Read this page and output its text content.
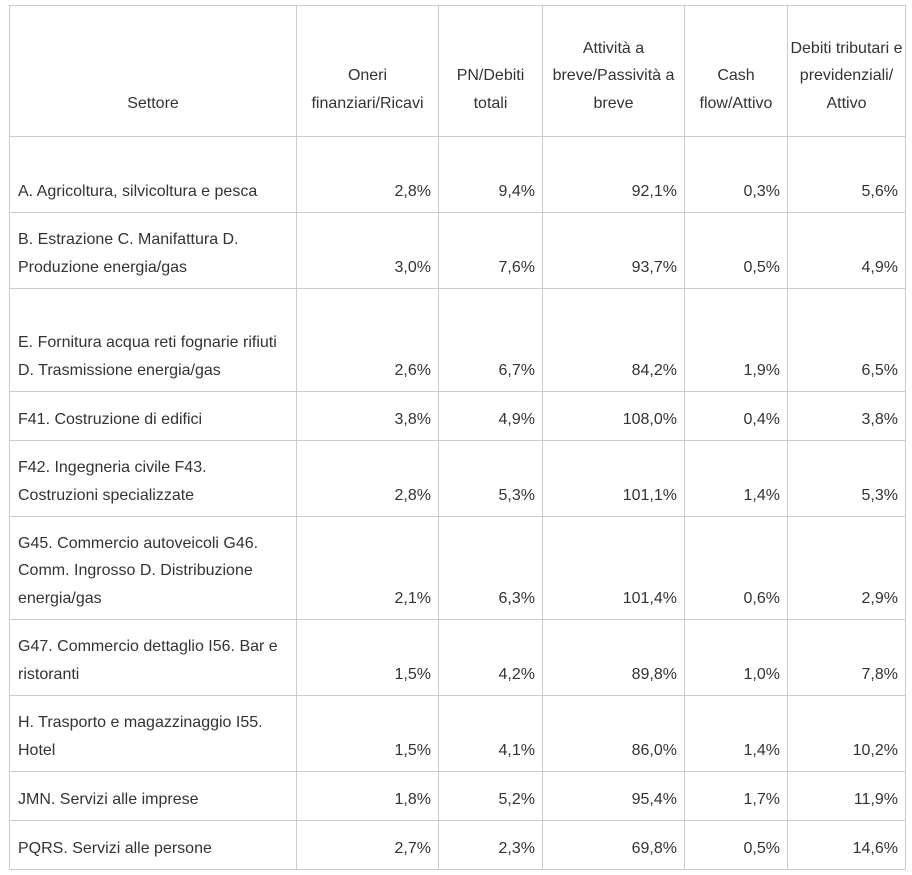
Settore	Oneri finanziari/Ricavi	PN/Debiti totali	Attività a breve/Passività a breve	Cash flow/Attivo	Debiti tributari e previdenziali/ Attivo
A. Agricoltura, silvicoltura e pesca	2,8%	9,4%	92,1%	0,3%	5,6%
B. Estrazione C. Manifattura D. Produzione energia/gas	3,0%	7,6%	93,7%	0,5%	4,9%
E. Fornitura acqua reti fognarie rifiuti D. Trasmissione energia/gas	2,6%	6,7%	84,2%	1,9%	6,5%
F41. Costruzione di edifici	3,8%	4,9%	108,0%	0,4%	3,8%
F42. Ingegneria civile F43. Costruzioni specializzate	2,8%	5,3%	101,1%	1,4%	5,3%
G45. Commercio autoveicoli G46. Comm. Ingrosso D. Distribuzione energia/gas	2,1%	6,3%	101,4%	0,6%	2,9%
G47. Commercio dettaglio I56. Bar e ristoranti	1,5%	4,2%	89,8%	1,0%	7,8%
H. Trasporto e magazzinaggio I55. Hotel	1,5%	4,1%	86,0%	1,4%	10,2%
JMN. Servizi alle imprese	1,8%	5,2%	95,4%	1,7%	11,9%
PQRS. Servizi alle persone	2,7%	2,3%	69,8%	0,5%	14,6%
